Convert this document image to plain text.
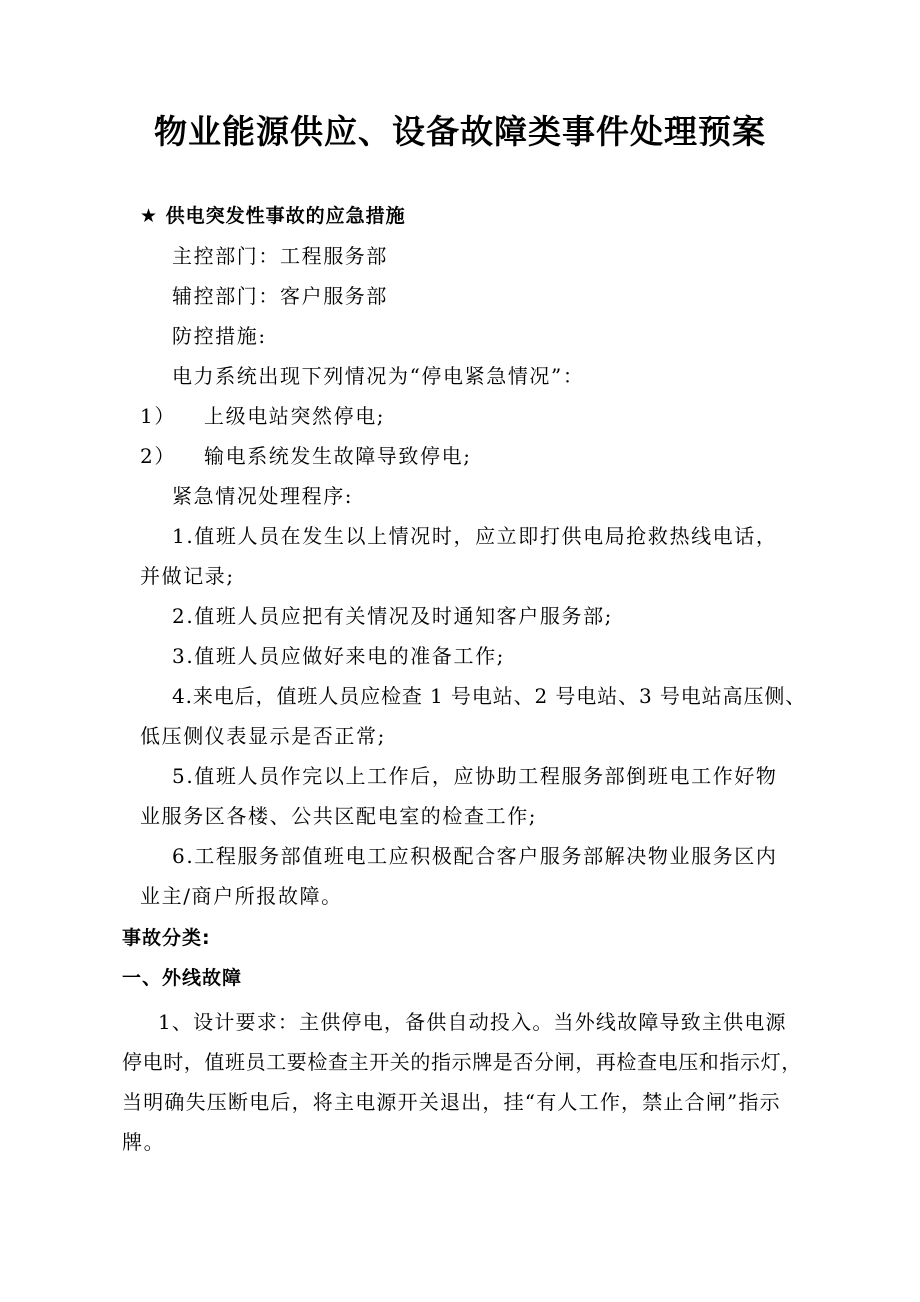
物业能源供应、设备故障类事件处理预案
★ 供电突发性事故的应急措施
主控部门：工程服务部
辅控部门：客户服务部
防控措施:
电力系统出现下列情况为“停电紧急情况”：
1） 上级电站突然停电;
2） 输电系统发生故障导致停电;
紧急情况处理程序:
1.值班人员在发生以上情况时，应立即打供电局抢救热线电话，
并做记录;
2.值班人员应把有关情况及时通知客户服务部;
3.值班人员应做好来电的准备工作;
4.来电后，值班人员应检查 1 号电站、2 号电站、3 号电站高压侧、
低压侧仪表显示是否正常;
5.值班人员作完以上工作后，应协助工程服务部倒班电工作好物
业服务区各楼、公共区配电室的检查工作;
6.工程服务部值班电工应积极配合客户服务部解决物业服务区内
业主/商户所报故障。
事故分类:
一、外线故障
1、设计要求：主供停电，备供自动投入。当外线故障导致主供电源
停电时，值班员工要检查主开关的指示牌是否分闸，再检查电压和指示灯，
当明确失压断电后，将主电源开关退出，挂“有人工作，禁止合闸”指示
牌。
